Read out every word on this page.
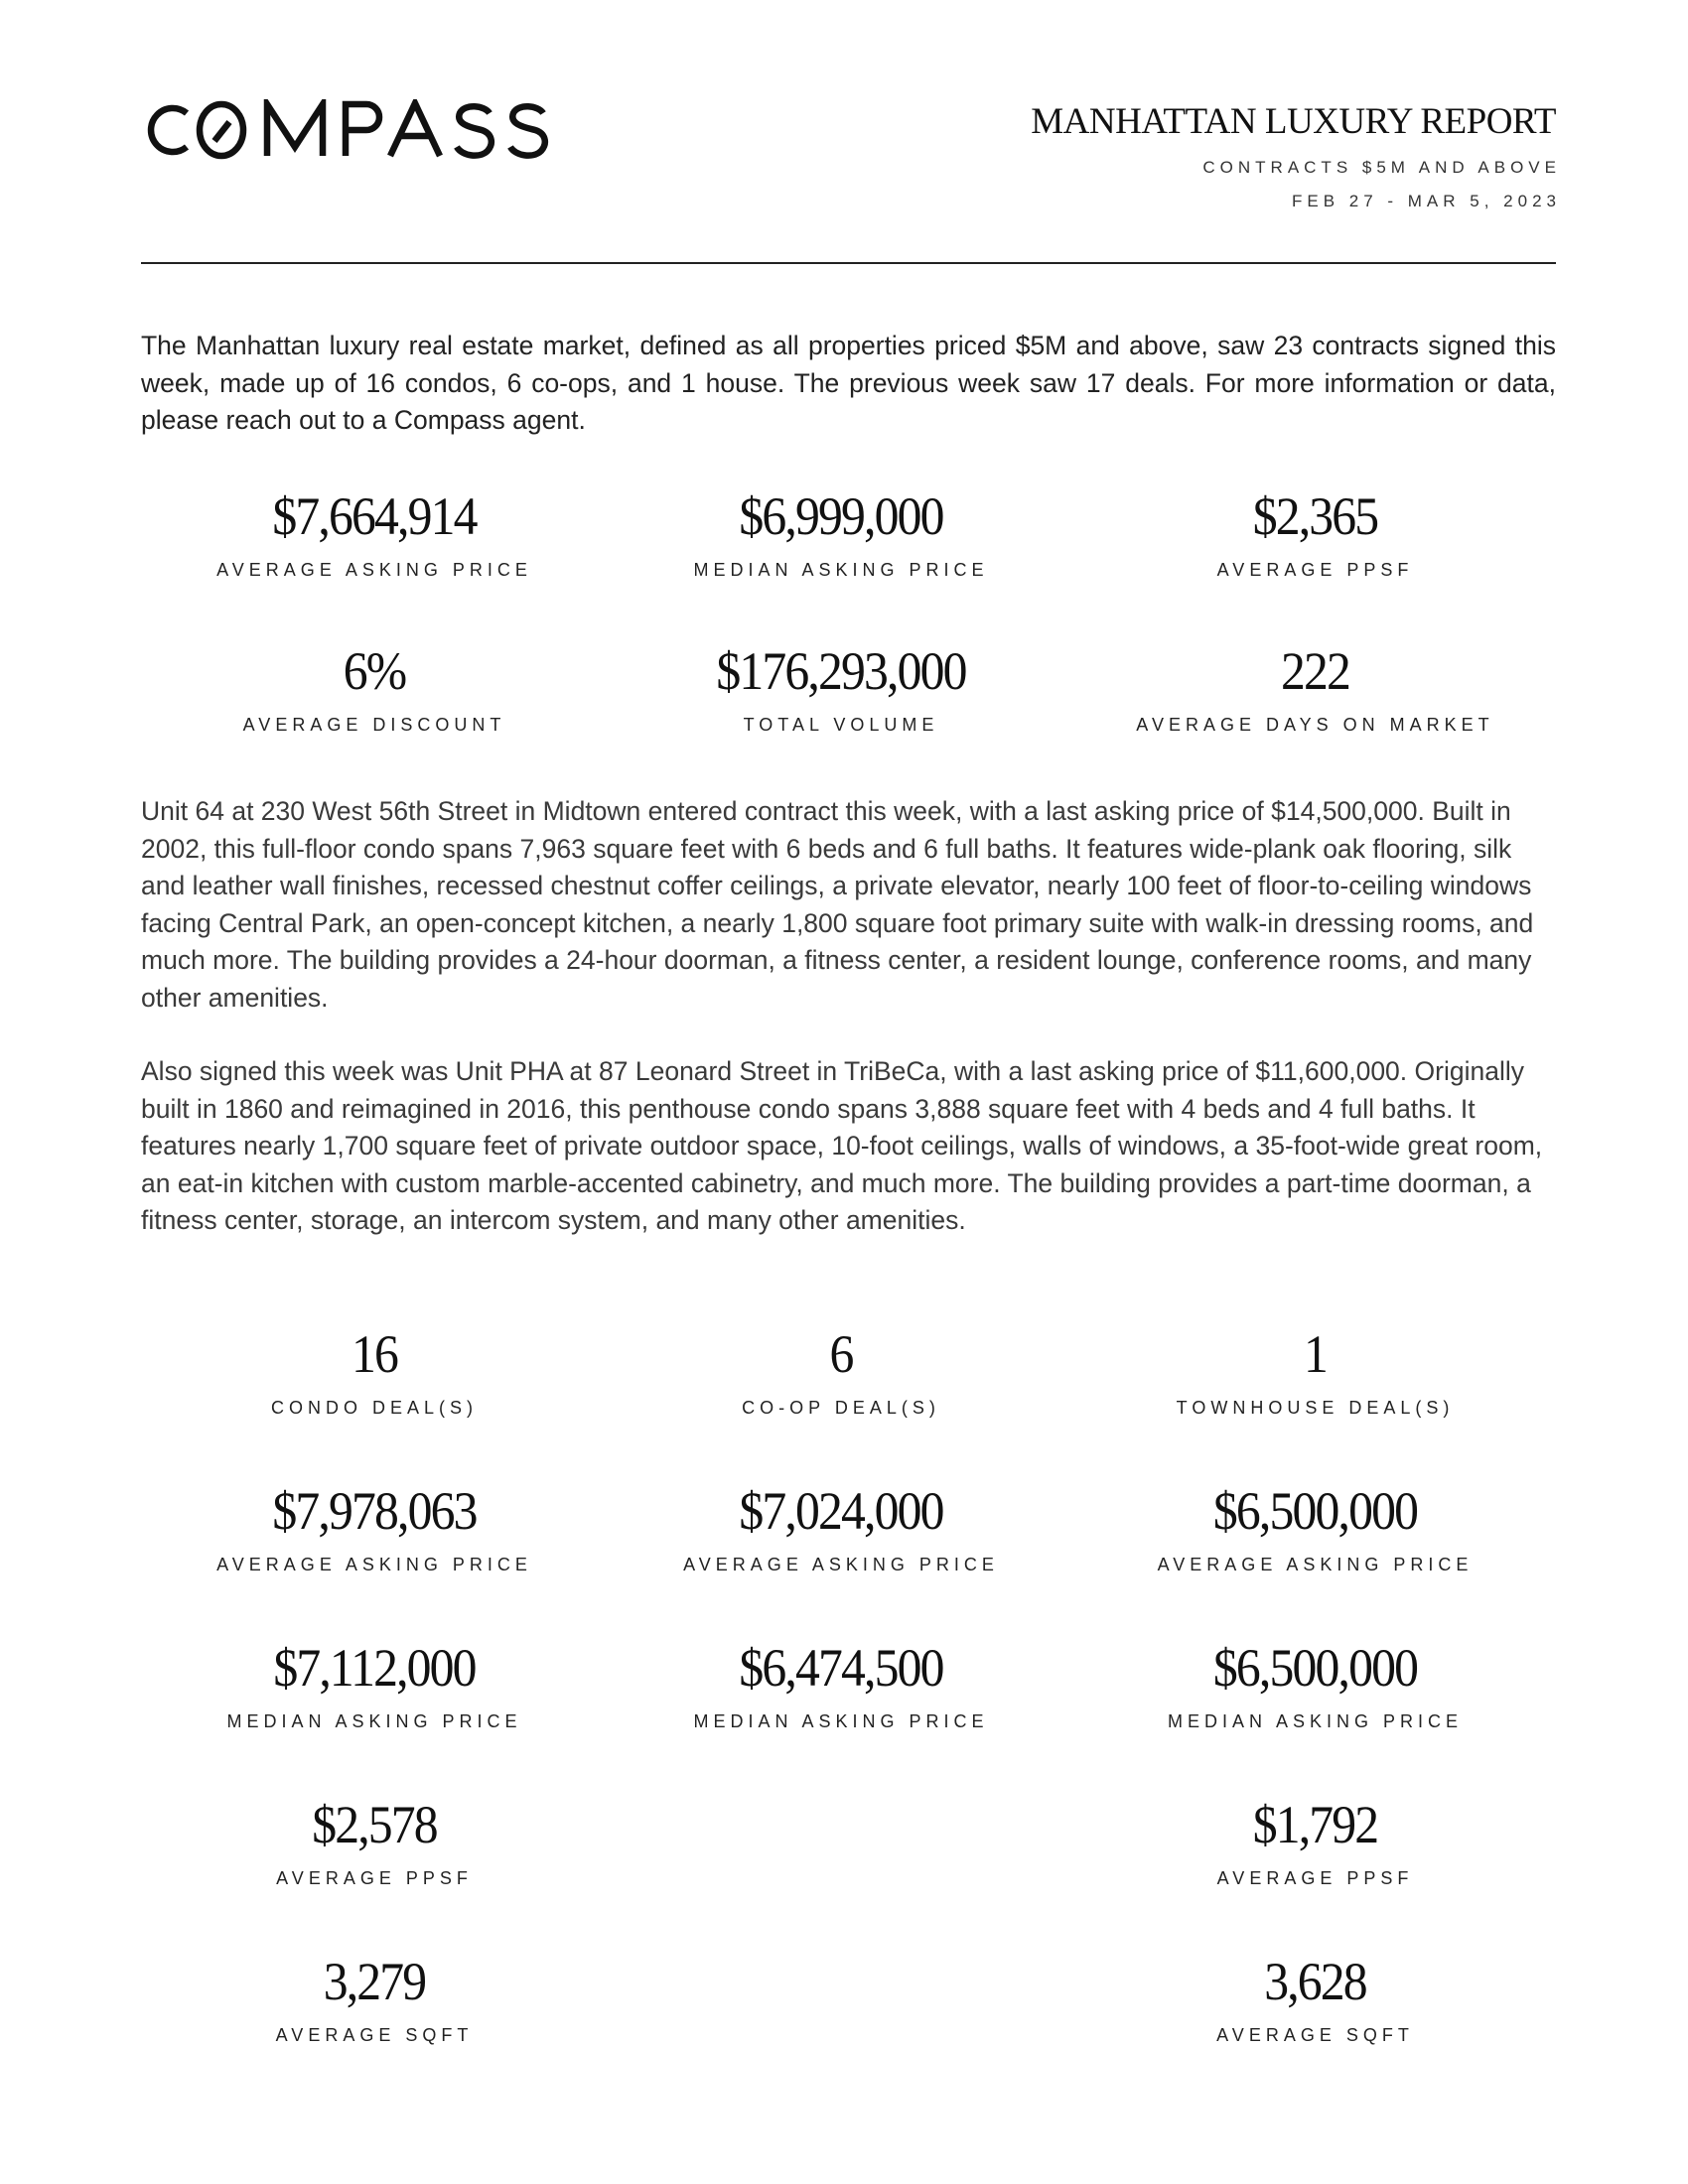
MANHATTAN LUXURY REPORT
CONTRACTS $5M AND ABOVE
FEB 27 - MAR 5, 2023

The Manhattan luxury real estate market, defined as all properties priced $5M and above, saw 23 contracts signed this week, made up of 16 condos, 6 co-ops, and 1 house. The previous week saw 17 deals. For more information or data, please reach out to a Compass agent.

$7,664,914
AVERAGE ASKING PRICE
$6,999,000
MEDIAN ASKING PRICE
$2,365
AVERAGE PPSF
6%
AVERAGE DISCOUNT
$176,293,000
TOTAL VOLUME
222
AVERAGE DAYS ON MARKET

Unit 64 at 230 West 56th Street in Midtown entered contract this week, with a last asking price of $14,500,000. Built in 2002, this full-floor condo spans 7,963 square feet with 6 beds and 6 full baths. It features wide-plank oak flooring, silk and leather wall finishes, recessed chestnut coffer ceilings, a private elevator, nearly 100 feet of floor-to-ceiling windows facing Central Park, an open-concept kitchen, a nearly 1,800 square foot primary suite with walk-in dressing rooms, and much more. The building provides a 24-hour doorman, a fitness center, a resident lounge, conference rooms, and many other amenities.

Also signed this week was Unit PHA at 87 Leonard Street in TriBeCa, with a last asking price of $11,600,000. Originally built in 1860 and reimagined in 2016, this penthouse condo spans 3,888 square feet with 4 beds and 4 full baths. It features nearly 1,700 square feet of private outdoor space, 10-foot ceilings, walls of windows, a 35-foot-wide great room, an eat-in kitchen with custom marble-accented cabinetry, and much more. The building provides a part-time doorman, a fitness center, storage, an intercom system, and many other amenities.

16
CONDO DEAL(S)
6
CO-OP DEAL(S)
1
TOWNHOUSE DEAL(S)
$7,978,063
AVERAGE ASKING PRICE
$7,024,000
AVERAGE ASKING PRICE
$6,500,000
AVERAGE ASKING PRICE
$7,112,000
MEDIAN ASKING PRICE
$6,474,500
MEDIAN ASKING PRICE
$6,500,000
MEDIAN ASKING PRICE
$2,578
AVERAGE PPSF
$1,792
AVERAGE PPSF
3,279
AVERAGE SQFT
3,628
AVERAGE SQFT
